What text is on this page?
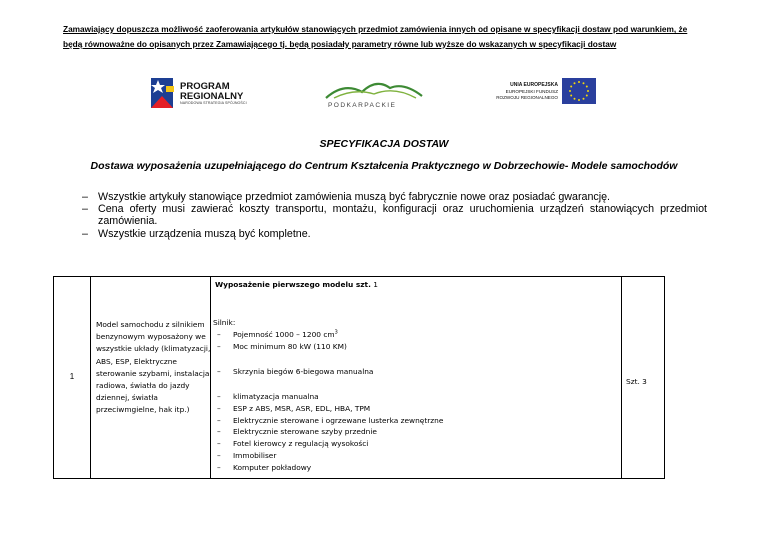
Zamawiający dopuszcza możliwość zaoferowania artykułów stanowiących przedmiot zamówienia innych od opisane w specyfikacji dostaw pod warunkiem, że będą równoważne do opisanych przez Zamawiającego tj. będą posiadały parametry równe lub wyższe do wskazanych w specyfikacji dostaw
PROGRAM
REGIONALNY
NARODOWA STRATEGIA SPÓJNOŚCI	PODKARPACKIE
UNIA EUROPEJSKA
EUROPEJSKI FUNDUSZ
ROZWOJU REGIONALNEGO
SPECYFIKACJA DOSTAW
Dostawa wyposażenia uzupełniającego do Centrum Kształcenia Praktycznego w Dobrzechowie- Modele samochodów
– Wszystkie artykuły stanowiące przedmiot zamówienia muszą być fabrycznie nowe oraz posiadać gwarancję.
– Cena oferty musi zawierać koszty transportu, montażu, konfiguracji oraz uruchomienia urządzeń stanowiących przedmiot zamówienia.
– Wszystkie urządzenia muszą być kompletne.
1
Model samochodu z silnikiem benzynowym wyposażony we wszystkie układy (klimatyzacji, ABS, ESP, Elektryczne sterowanie szybami, instalacja radiowa, światła do jazdy dziennej, światła przeciwmgielne, hak itp.)
Wyposażenie pierwszego modelu szt. 1
Silnik:
– Pojemność 1000 – 1200 $cm^3$
– Moc minimum 80 kW (110 KM)
– Skrzynia biegów 6-biegowa manualna
– klimatyzacja manualna
– ESP z ABS, MSR, ASR, EDL, HBA, TPM
– Elektrycznie sterowane i ogrzewane lusterka zewnętrzne
– Elektrycznie sterowane szyby przednie
– Fotel kierowcy z regulacją wysokości
– Immobiliser
– Komputer pokładowy
Szt. 3
